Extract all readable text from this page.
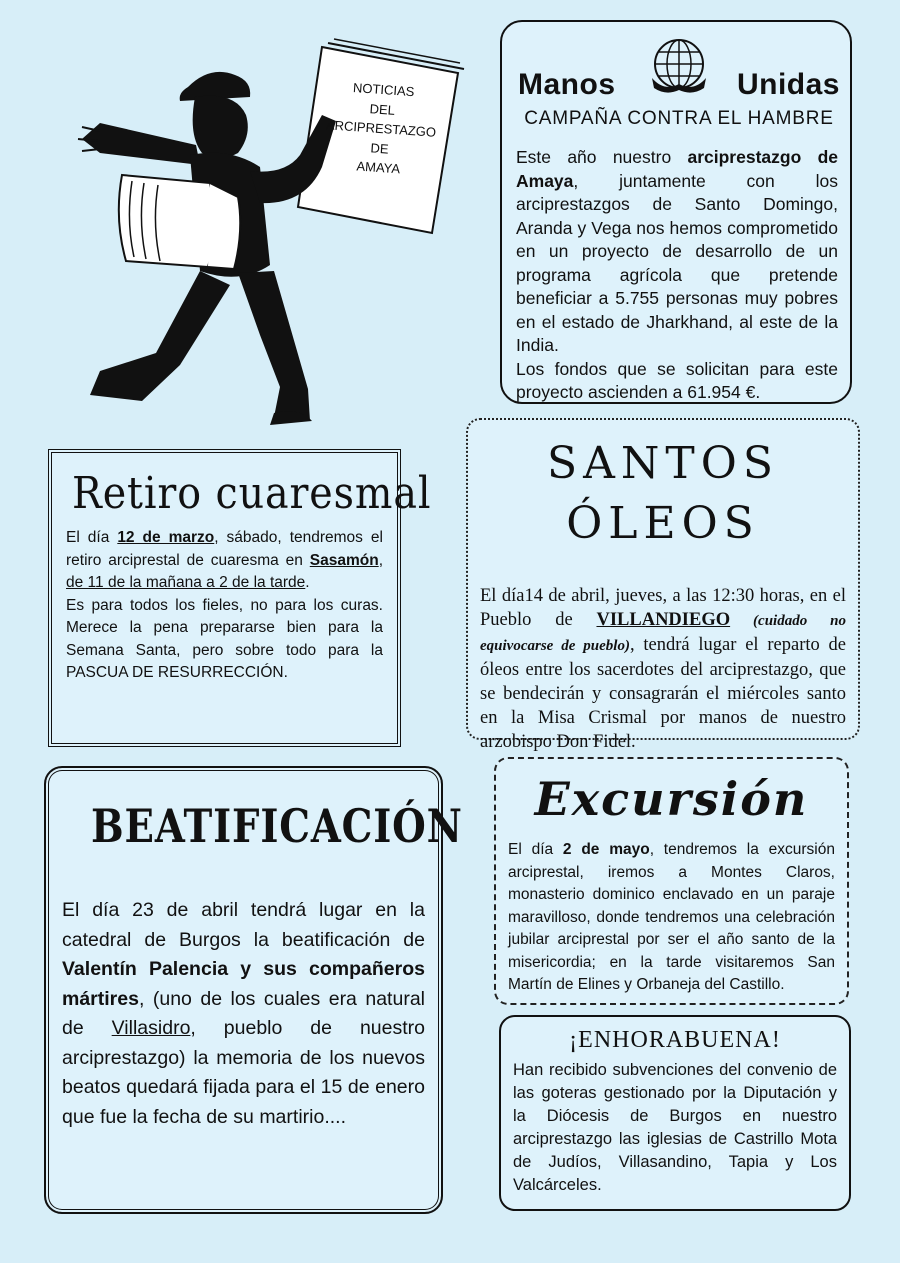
NOTICIAS

DEL

ARCIPRESTAZGO

DE

AMAYA

Manos	Unidas
CAMPAÑA CONTRA EL HAMBRE

Este año nuestro arciprestazgo de Amaya, juntamente con los arciprestazgos de Santo Domingo, Aranda y Vega nos hemos comprometido en un proyecto de desarrollo de un programa agrícola que pretende beneficiar a 5.755 personas muy pobres en el estado de Jharkhand, al este de la India.

Los fondos que se solicitan para este proyecto ascienden a 61.954 €.

Retiro cuaresmal

El día 12 de marzo, sábado, tendremos el retiro arciprestal de cuaresma en Sasamón, de 11 de la mañana a 2 de la tarde.

Es para todos los fieles, no para los curas. Merece la pena prepararse bien para la Semana Santa, pero sobre todo para la PASCUA DE RESURRECCIÓN.

SANTOS ÓLEOS

El día14 de abril, jueves, a las 12:30 horas, en el Pueblo de VILLANDIEGO (cuidado no equivocarse de pueblo), tendrá lugar el reparto de óleos entre los sacerdotes del arciprestazgo, que se bendecirán y consagrarán el miércoles santo en la Misa Crismal por manos de nuestro arzobispo Don Fidel.

BEATIFICACIÓN

El día 23 de abril tendrá lugar en la catedral de Burgos la beatificación de Valentín Palencia y sus compañeros mártires, (uno de los cuales era natural de Villasidro, pueblo de nuestro arciprestazgo) la memoria de los nuevos beatos quedará fijada para el 15 de enero que fue la fecha de su martirio....

Excursión

El día 2 de mayo, tendremos la excursión arciprestal, iremos a Montes Claros, monasterio dominico enclavado en un paraje maravilloso, donde tendremos una celebración jubilar arciprestal por ser el año santo de la misericordia; en la tarde visitaremos San Martín de Elines y Orbaneja del Castillo.

¡ENHORABUENA!
Han recibido subvenciones del convenio de las goteras gestionado por la Diputación y la Diócesis de Burgos en nuestro arciprestazgo las iglesias de Castrillo Mota de Judíos, Villasandino, Tapia y Los Valcárceles.
